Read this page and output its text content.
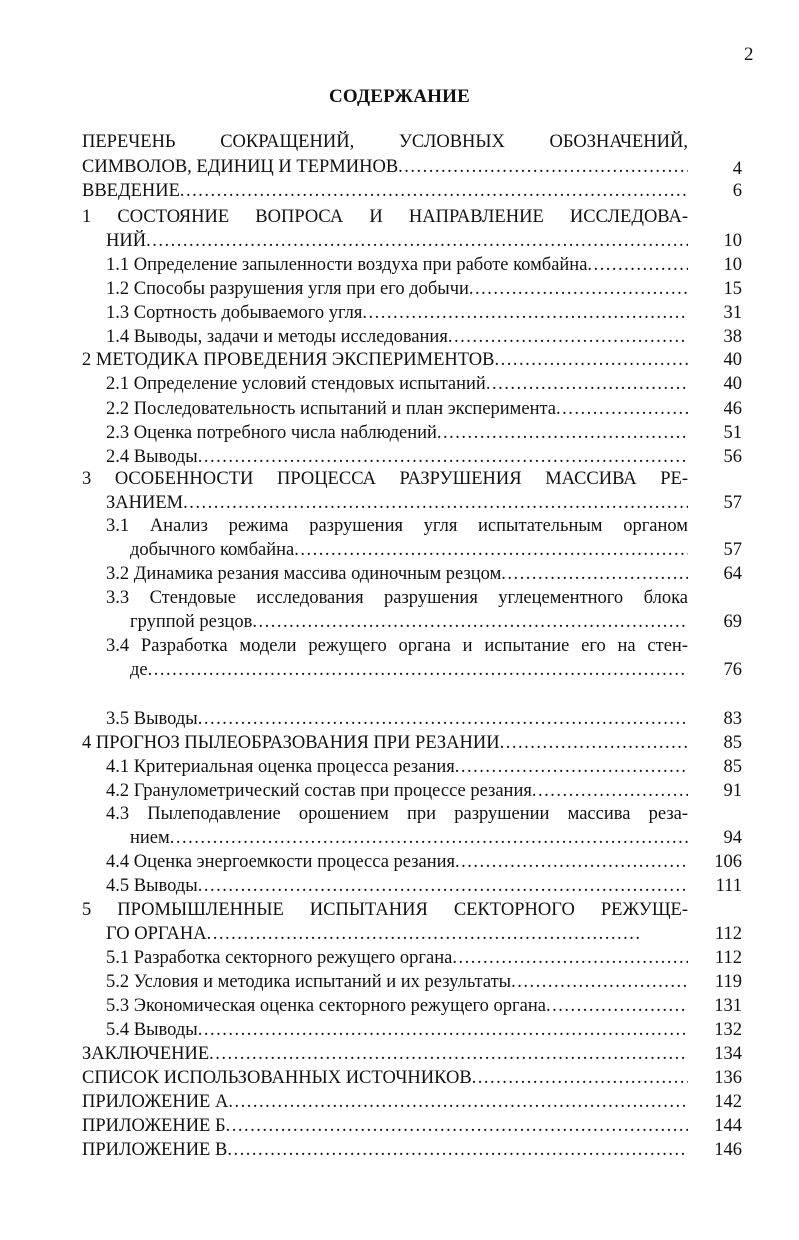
2
СОДЕРЖАНИЕ
ПЕРЕЧЕНЬ СОКРАЩЕНИЙ, УСЛОВНЫХ ОБОЗНАЧЕНИЙ,
СИМВОЛОВ, ЕДИНИЦ И ТЕРМИНОВ .....	4
ВВЕДЕНИЕ .....	6
1 СОСТОЯНИЕ ВОПРОСА И НАПРАВЛЕНИЕ ИССЛЕДОВА-
НИЙ .....	10
1.1 Определение запыленности воздуха при работе комбайна .....	10
1.2 Способы разрушения угля при его добычи .....	15
1.3 Сортность добываемого угля .....	31
1.4 Выводы, задачи и методы исследования .....	38
2 МЕТОДИКА ПРОВЕДЕНИЯ ЭКСПЕРИМЕНТОВ .....	40
2.1 Определение условий стендовых испытаний .....	40
2.2 Последовательность испытаний и план эксперимента .....	46
2.3 Оценка потребного числа наблюдений .....	51
2.4 Выводы .....	56
3 ОСОБЕННОСТИ ПРОЦЕССА РАЗРУШЕНИЯ МАССИВА РЕ-
ЗАНИЕМ .....	57
3.1 Анализ режима разрушения угля испытательным органом
добычного комбайна .....	57
3.2 Динамика резания массива одиночным резцом .....	64
3.3 Стендовые исследования разрушения углецементного блока
группой резцов .....	69
3.4 Разработка модели режущего органа и испытание его на стен-
де .....	76
3.5 Выводы .....	83
4 ПРОГНОЗ ПЫЛЕОБРАЗОВАНИЯ ПРИ РЕЗАНИИ .....	85
4.1 Критериальная оценка процесса резания .....	85
4.2 Гранулометрический состав при процессе резания .....	91
4.3 Пылеподавление орошением при разрушении массива реза-
нием .....	94
4.4 Оценка энергоемкости процесса резания .....	106
4.5 Выводы .....	111
5 ПРОМЫШЛЕННЫЕ ИСПЫТАНИЯ СЕКТОРНОГО РЕЖУЩЕ-
ГО ОРГАНА .....	112
5.1 Разработка секторного режущего органа .....	112
5.2 Условия и методика испытаний и их результаты .....	119
5.3 Экономическая оценка секторного режущего органа .....	131
5.4 Выводы .....	132
ЗАКЛЮЧЕНИЕ .....	134
СПИСОК ИСПОЛЬЗОВАННЫХ ИСТОЧНИКОВ .....	136
ПРИЛОЖЕНИЕ А .....	142
ПРИЛОЖЕНИЕ Б .....	144
ПРИЛОЖЕНИЕ В .....	146
